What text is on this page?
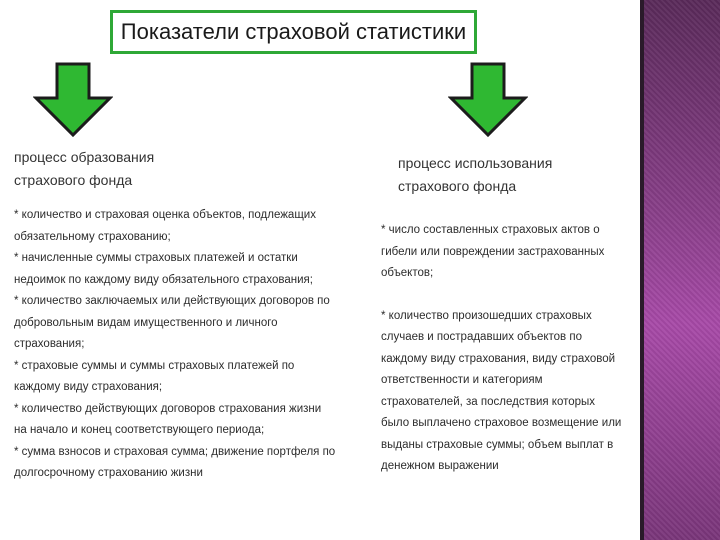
Показатели страховой статистики
процесс образования
страхового фонда
процесс использования
страхового фонда

* количество и страховая оценка объектов, подлежащих

обязательному страхованию;

* начисленные суммы страховых платежей и остатки

недоимок по каждому виду обязательного страхования;

* количество заключаемых или действующих договоров по

добровольным видам имущественного и личного

страхования;

* страховые суммы и суммы страховых платежей по

каждому виду страхования;

* количество действующих договоров страхования жизни

на начало и конец соответствующего периода;

* сумма взносов и страховая сумма; движение портфеля по

долгосрочному страхованию жизни

* число составленных страховых актов о

гибели или повреждении застрахованных

объектов;

* количество произошедших страховых

случаев и пострадавших объектов по

каждому виду страхования, виду страховой

ответственности и категориям

страхователей, за последствия которых

было выплачено страховое возмещение или

выданы страховые суммы; объем выплат в

денежном выражении
